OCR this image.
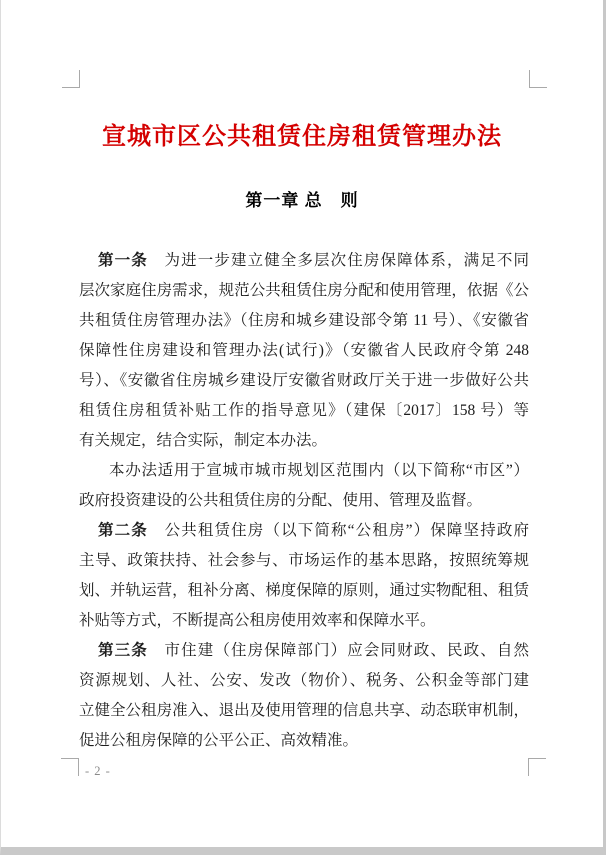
宣城市区公共租赁住房租赁管理办法
第一章 总　则
第一条　为进一步建立健全多层次住房保障体系，满足不同
层次家庭住房需求，规范公共租赁住房分配和使用管理，依据《公
共租赁住房管理办法》（住房和城乡建设部令第 11 号）、《安徽省
保障性住房建设和管理办法(试行)》（安徽省人民政府令第 248
号）、《安徽省住房城乡建设厅安徽省财政厅关于进一步做好公共
租赁住房租赁补贴工作的指导意见》（建保〔2017〕158 号）等
有关规定，结合实际，制定本办法。
本办法适用于宣城市城市规划区范围内（以下简称“市区”）
政府投资建设的公共租赁住房的分配、使用、管理及监督。
第二条　公共租赁住房（以下简称“公租房”）保障坚持政府
主导、政策扶持、社会参与、市场运作的基本思路，按照统筹规
划、并轨运营，租补分离、梯度保障的原则，通过实物配租、租赁
补贴等方式，不断提高公租房使用效率和保障水平。
第三条　市住建（住房保障部门）应会同财政、民政、自然
资源规划、人社、公安、发改（物价）、税务、公积金等部门建
立健全公租房准入、退出及使用管理的信息共享、动态联审机制，
促进公租房保障的公平公正、高效精准。
- 2 -
